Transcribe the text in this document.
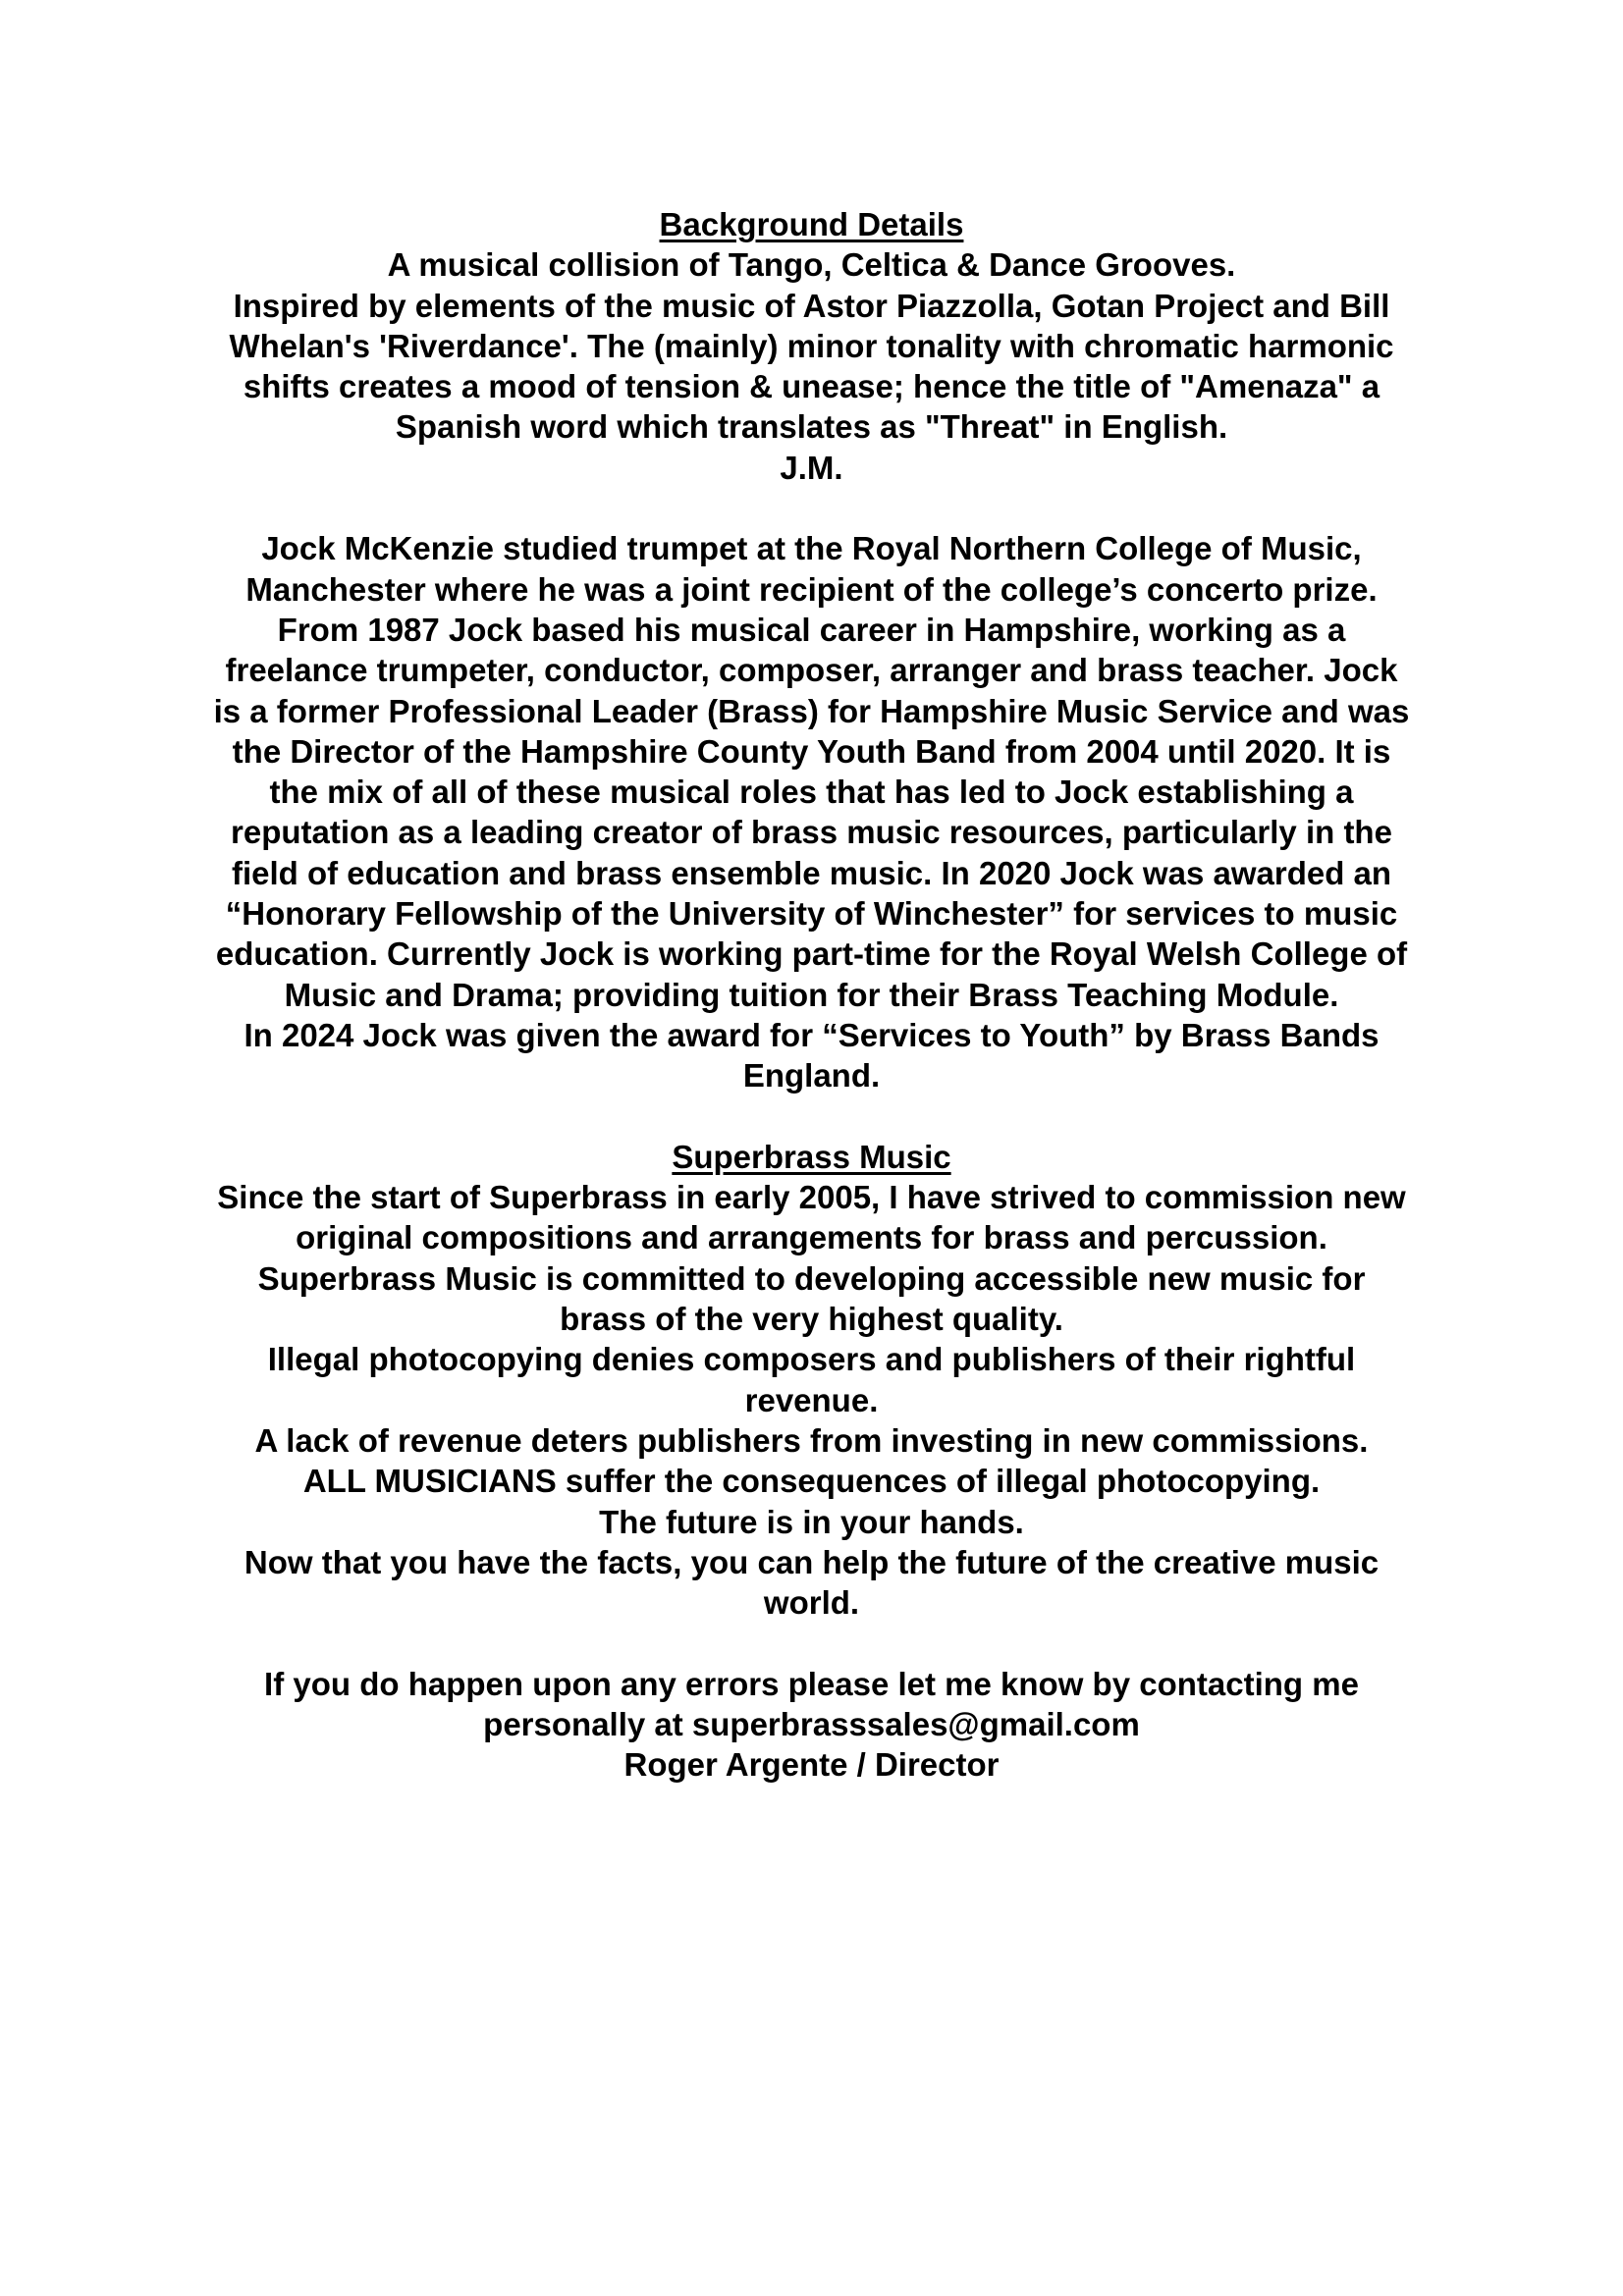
Background Details
A musical collision of Tango, Celtica & Dance Grooves.
Inspired by elements of the music of Astor Piazzolla, Gotan Project and Bill
Whelan's 'Riverdance'. The (mainly) minor tonality with chromatic harmonic
shifts creates a mood of tension & unease; hence the title of "Amenaza" a
Spanish word which translates as "Threat" in English.
J.M.
Jock McKenzie studied trumpet at the Royal Northern College of Music,
Manchester where he was a joint recipient of the college’s concerto prize.
From 1987 Jock based his musical career in Hampshire, working as a
freelance trumpeter, conductor, composer, arranger and brass teacher. Jock
is a former Professional Leader (Brass) for Hampshire Music Service and was
the Director of the Hampshire County Youth Band from 2004 until 2020. It is
the mix of all of these musical roles that has led to Jock establishing a
reputation as a leading creator of brass music resources, particularly in the
field of education and brass ensemble music. In 2020 Jock was awarded an
“Honorary Fellowship of the University of Winchester” for services to music
education. Currently Jock is working part-time for the Royal Welsh College of
Music and Drama; providing tuition for their Brass Teaching Module.
In 2024 Jock was given the award for “Services to Youth” by Brass Bands
England.
Superbrass Music
Since the start of Superbrass in early 2005, I have strived to commission new
original compositions and arrangements for brass and percussion.
Superbrass Music is committed to developing accessible new music for
brass of the very highest quality.
Illegal photocopying denies composers and publishers of their rightful
revenue.
A lack of revenue deters publishers from investing in new commissions.
ALL MUSICIANS suffer the consequences of illegal photocopying.
The future is in your hands.
Now that you have the facts, you can help the future of the creative music
world.
If you do happen upon any errors please let me know by contacting me
personally at superbrasssales@gmail.com
Roger Argente / Director
